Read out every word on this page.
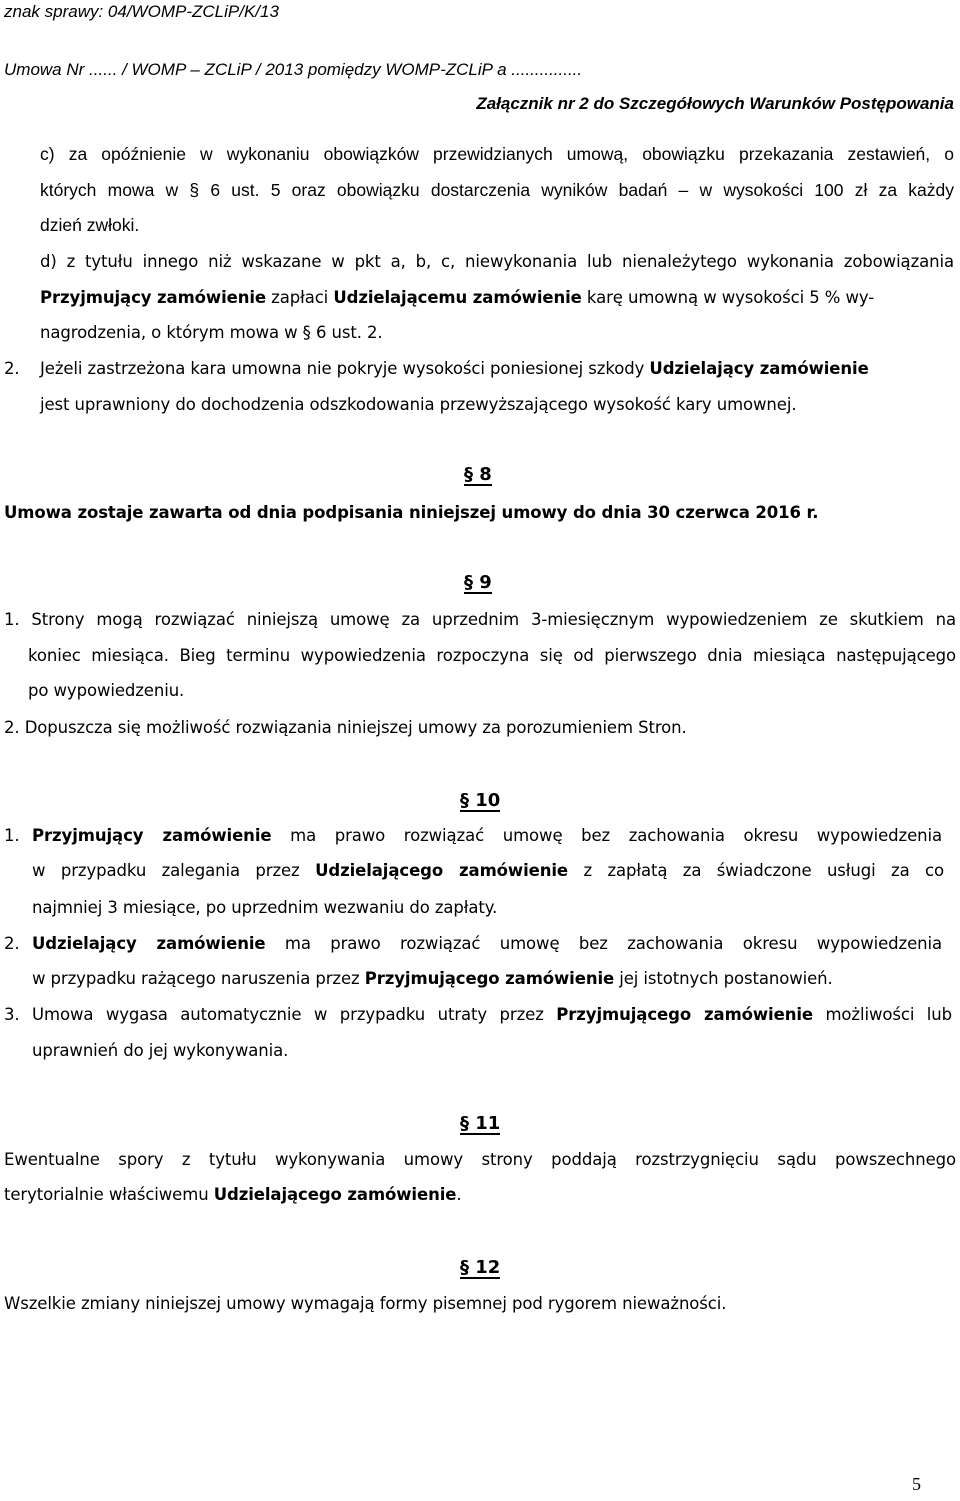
znak sprawy: 04/WOMP-ZCLiP/K/13
Umowa Nr ...... / WOMP – ZCLiP / 2013 pomiędzy WOMP-ZCLiP a ...............
Załącznik nr 2 do Szczegółowych Warunków Postępowania
c) za opóźnienie w wykonaniu obowiązków przewidzianych umową, obowiązku przekazania zestawień, o
których mowa w § 6 ust. 5 oraz obowiązku dostarczenia wyników badań – w wysokości 100 zł za każdy
dzień zwłoki.
d) z tytułu innego niż wskazane w pkt a, b, c, niewykonania lub nienależytego wykonania zobowiązania
Przyjmujący zamówienie zapłaci Udzielającemu zamówienie karę umowną w wysokości 5 % wy-
nagrodzenia, o którym mowa w § 6 ust. 2.
2. Jeżeli zastrzeżona kara umowna nie pokryje wysokości poniesionej szkody Udzielający zamówienie
jest uprawniony do dochodzenia odszkodowania przewyższającego wysokość kary umownej.
§ 8
Umowa zostaje zawarta od dnia podpisania niniejszej umowy do dnia 30 czerwca 2016 r.
§ 9
1. Strony mogą rozwiązać niniejszą umowę za uprzednim 3-miesięcznym wypowiedzeniem ze skutkiem na
koniec miesiąca. Bieg terminu wypowiedzenia rozpoczyna się od pierwszego dnia miesiąca następującego
po wypowiedzeniu.
2. Dopuszcza się możliwość rozwiązania niniejszej umowy za porozumieniem Stron.
§ 10
1. Przyjmujący zamówienie ma prawo rozwiązać umowę bez zachowania okresu wypowiedzenia
w przypadku zalegania przez Udzielającego zamówienie z zapłatą za świadczone usługi za co
najmniej 3 miesiące, po uprzednim wezwaniu do zapłaty.
2. Udzielający zamówienie ma prawo rozwiązać umowę bez zachowania okresu wypowiedzenia
w przypadku rażącego naruszenia przez Przyjmującego zamówienie jej istotnych postanowień.
3. Umowa wygasa automatycznie w przypadku utraty przez Przyjmującego zamówienie możliwości lub
uprawnień do jej wykonywania.
§ 11
Ewentualne spory z tytułu wykonywania umowy strony poddają rozstrzygnięciu sądu powszechnego
terytorialnie właściwemu Udzielającego zamówienie.
§ 12
Wszelkie zmiany niniejszej umowy wymagają formy pisemnej pod rygorem nieważności.
5
